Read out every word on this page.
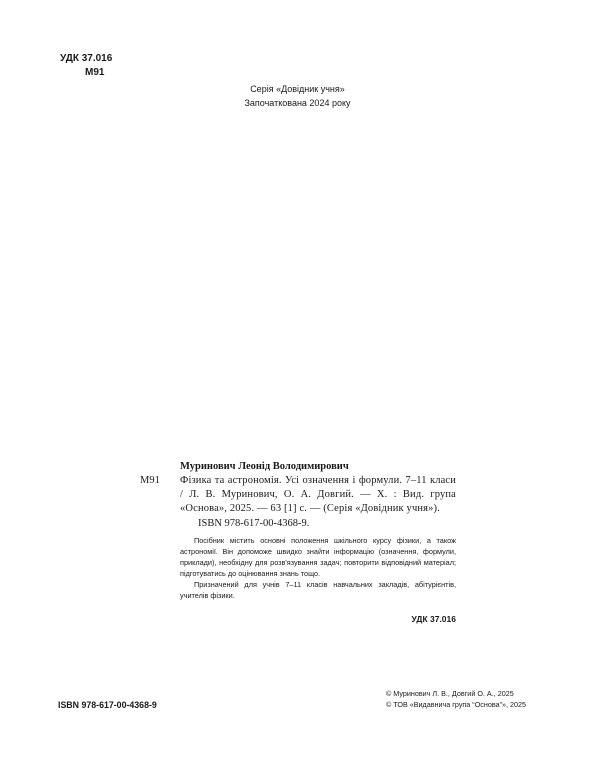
УДК 37.016
М91
Серія «Довідник учня»
Започаткована 2024 року
Муринович Леонід Володимирович
М91	Фізика та астрономія. Усі означення і формули. 7–11 класи / Л. В. Муринович, О. А. Довгий. — Х. : Вид. група «Основа», 2025. — 63 [1] с. — (Серія «Довідник учня»).
ISBN 978-617-00-4368-9.

Посібник містить основні положення шкільного курсу фізики, а також астрономії. Він допоможе швидко знайти інформацію (означення, формули, приклади), необхідну для розв'язування задач; повторити відповідний матеріал; підготуватись до оцінювання знань тощо.

Призначений для учнів 7–11 класів навчальних закладів, абітурієнтів, учителів фізики.

УДК 37.016
ISBN 978-617-00-4368-9
© Муринович Л. В., Довгий О. А., 2025
© ТОВ «Видавнича група “Основа”», 2025
